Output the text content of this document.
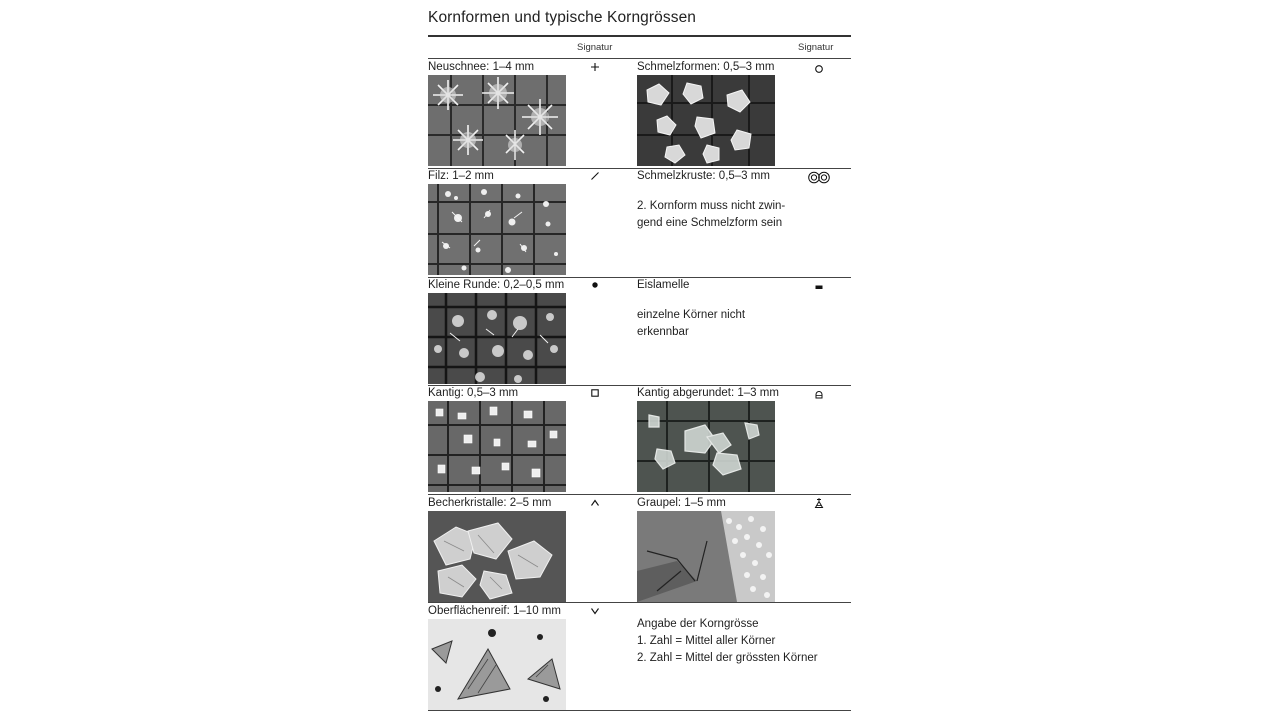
Kornformen und typische Korngrössen
Signatur	Signatur
Neuschnee: 1–4 mm	Schmelzformen: 0,5–3 mm
Filz: 1–2 mm	Schmelzkruste: 0,5–3 mm
2. Kornform muss nicht zwin-
gend eine Schmelzform sein
Kleine Runde: 0,2–0,5 mm	Eislamelle
einzelne Körner nicht
erkennbar
Kantig: 0,5–3 mm	Kantig abgerundet: 1–3 mm
Becherkristalle: 2–5 mm	Graupel: 1–5 mm
Oberflächenreif: 1–10 mm
Angabe der Korngrösse
1. Zahl = Mittel aller Körner
2. Zahl = Mittel der grössten Körner
